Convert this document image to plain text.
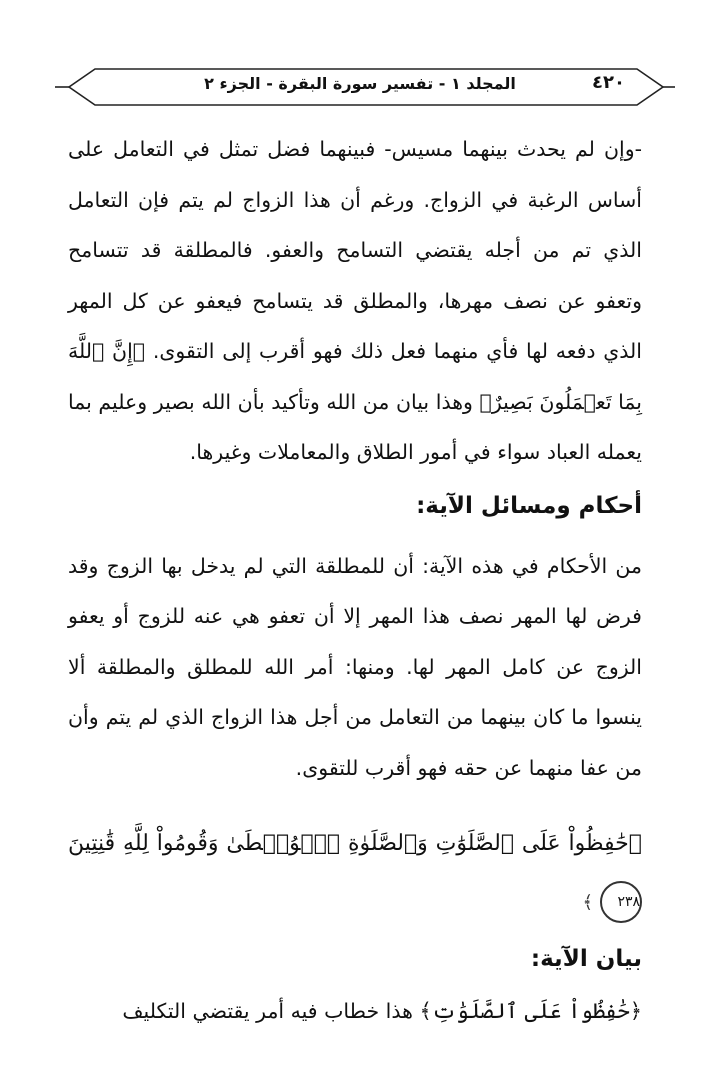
٤٢٠
المجلد ١ - تفسير سورة البقرة - الجزء ٢

-وإن لم يحدث بينهما مسيس- فبينهما فضل تمثل في التعامل على أساس الرغبة في الزواج. ورغم أن هذا الزواج لم يتم فإن التعامل الذي تم من أجله يقتضي التسامح والعفو. فالمطلقة قد تتسامح وتعفو عن نصف مهرها، والمطلق قد يتسامح فيعفو عن كل المهر الذي دفعه لها فأي منهما فعل ذلك فهو أقرب إلى التقوى. ﴿إِنَّ ٱللَّهَ بِمَا تَعۡمَلُونَ بَصِيرٌ﴾ وهذا بيان من الله وتأكيد بأن الله بصير وعليم بما يعمله العباد سواء في أمور الطلاق والمعاملات وغيرها.

أحكام ومسائل الآية:

من الأحكام في هذه الآية: أن للمطلقة التي لم يدخل بها الزوج وقد فرض لها المهر نصف هذا المهر إلا أن تعفو هي عنه للزوج أو يعفو الزوج عن كامل المهر لها. ومنها: أمر الله للمطلق والمطلقة ألا ينسوا ما كان بينهما من التعامل من أجل هذا الزواج الذي لم يتم وأن من عفا منهما عن حقه فهو أقرب للتقوى.

﴿حَٰفِظُواْ عَلَى ٱلصَّلَوَٰتِ وَٱلصَّلَوٰةِ ٱلۡوُسۡطَىٰ وَقُومُواْ لِلَّهِ قَٰنِتِينَ ٢٣٨ ﴾

بيان الآية:

﴿حَٰفِظُواْ عَلَى ٱلصَّلَوَٰتِ﴾ هذا خطاب فيه أمر يقتضي التكليف
